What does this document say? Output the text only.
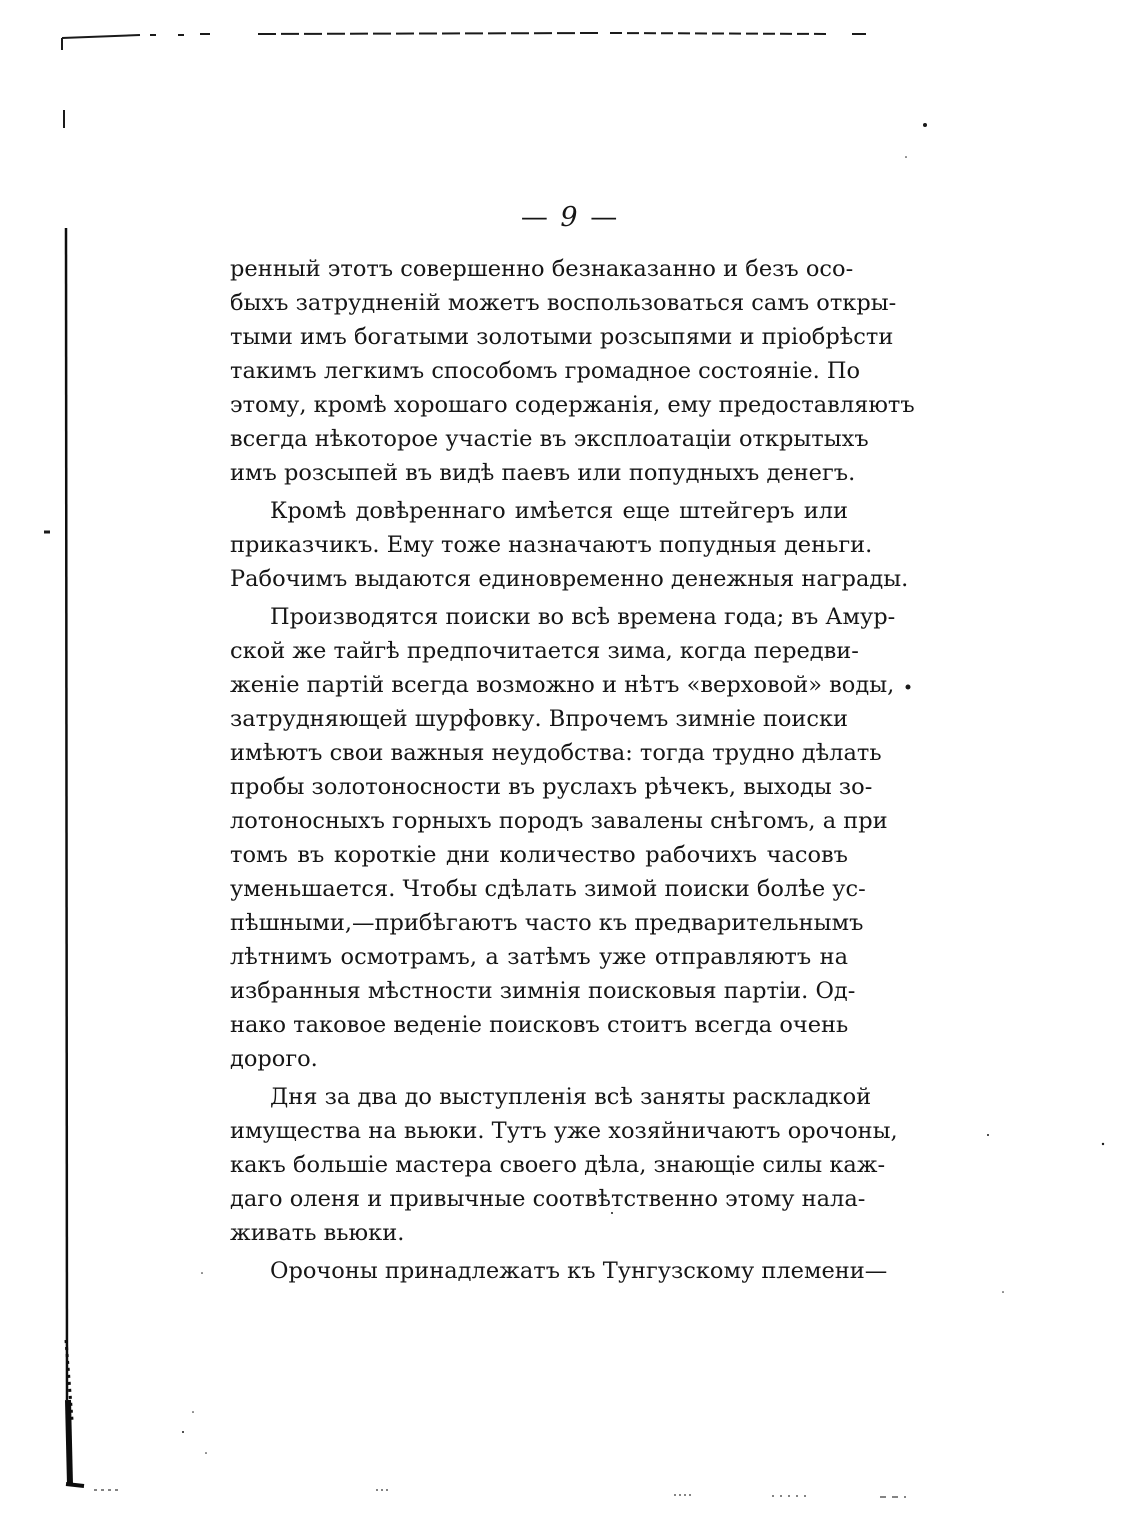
— 9 —
ренный этотъ совершенно безнаказанно и безъ осо-
быхъ затрудненій можетъ воспользоваться самъ откры-
тыми имъ богатыми золотыми розсыпями и пріобрѣсти
такимъ легкимъ способомъ громадное состояніе. По
этому, кромѣ хорошаго содержанія, ему предоставляютъ
всегда нѣкоторое участіе въ эксплоатаціи открытыхъ
имъ розсыпей въ видѣ паевъ или попудныхъ денегъ.
Кромѣ довѣреннаго имѣется еще штейгеръ или
приказчикъ. Ему тоже назначаютъ попудныя деньги.
Рабочимъ выдаются единовременно денежныя награды.
Производятся поиски во всѣ времена года; въ Амур-
ской же тайгѣ предпочитается зима, когда передви-
женіе партій всегда возможно и нѣтъ «верховой» воды,
затрудняющей шурфовку. Впрочемъ зимніе поиски
имѣютъ свои важныя неудобства: тогда трудно дѣлать
пробы золотоносности въ руслахъ рѣчекъ, выходы зо-
лотоносныхъ горныхъ породъ завалены снѣгомъ, а при
томъ въ короткіе дни количество рабочихъ часовъ
уменьшается. Чтобы сдѣлать зимой поиски болѣе ус-
пѣшными,—прибѣгаютъ часто къ предварительнымъ
лѣтнимъ осмотрамъ, а затѣмъ уже отправляютъ на
избранныя мѣстности зимнія поисковыя партіи. Од-
нако таковое веденіе поисковъ стоитъ всегда очень
дорого.
Дня за два до выступленія всѣ заняты раскладкой
имущества на вьюки. Тутъ уже хозяйничаютъ орочоны,
какъ большіе мастера своего дѣла, знающіе силы каж-
даго оленя и привычные соотвѣтственно этому нала-
живать вьюки.
Орочоны принадлежатъ къ Тунгузскому племени—
